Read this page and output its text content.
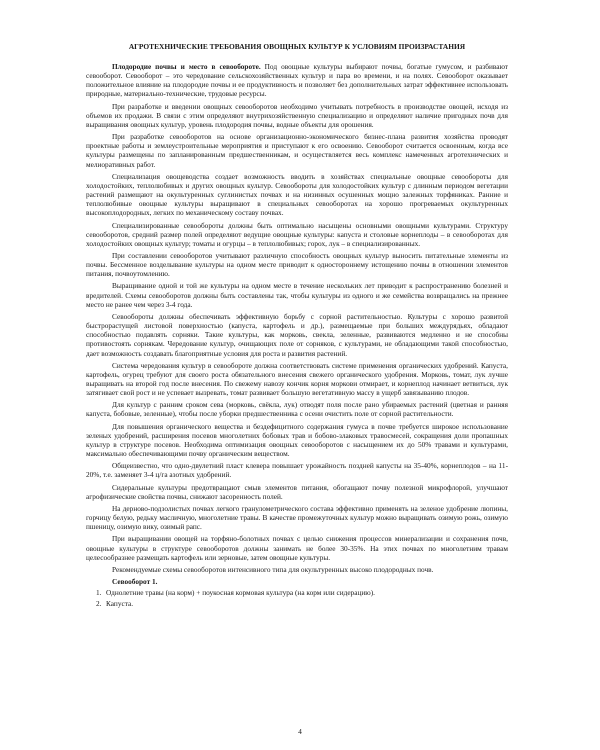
АГРОТЕХНИЧЕСКИЕ ТРЕБОВАНИЯ ОВОЩНЫХ КУЛЬТУР К УСЛОВИЯМ ПРОИЗРАСТАНИЯ

Плодородие почвы и место в севообороте. Под овощные культуры выбирают почвы, богатые гумусом, и разбивают севооборот. Севооборот – это чередование сельскохозяйственных культур и пара во времени, и на полях. Севооборот оказывает положительное влияние на плодородие почвы и ее продуктивность и позволяет без дополнительных затрат эффективнее использовать природные, материально-технические, трудовые ресурсы.

При разработке и введении овощных севооборотов необходимо учитывать потребность в производстве овощей, исходя из объемов их продажи. В связи с этим определяют внутрихозяйственную специализацию и определяют наличие пригодных почв для выращивания овощных культур, уровень плодородия почвы, водные объекты для орошения.

При разработке севооборотов на основе организационно-экономического бизнес-плана развития хозяйства проводят проектные работы и землеустроительные мероприятия и приступают к его освоению. Севооборот считается освоенным, когда все культуры размещены по запланированным предшественникам, и осуществляется весь комплекс намеченных агротехнических и мелиоративных работ.

Специализация овощеводства создает возможность вводить в хозяйствах специальные овощные севообороты для холодостойких, теплолюбивых и других овощных культур. Севообороты для холодостойких культур с длинным периодом вегетации растений размещают на окультуренных суглинистых почвах и на низинных осушенных мощно залежных торфяниках. Ранние и теплолюбивые овощные культуры выращивают в специальных севооборотах на хорошо прогреваемых окультуренных высокоплодородных, легких по механическому составу почвах.

Специализированные севообороты должны быть оптимально насыщены основными овощными культурами. Структуру севооборотов, средний размер полей определяют ведущие овощные культуры: капуста и столовые корнеплоды – в севооборотах для холодостойких овощных культур; томаты и огурцы – в теплолюбивых; горох, лук – в специализированных.

При составлении севооборотов учитывают различную способность овощных культур выносить питательные элементы из почвы. Бессменное возделывание культуры на одном месте приводит к одностороннему истощению почвы в отношении элементов питания, почвоутомлению.

Выращивание одной и той же культуры на одном месте в течение нескольких лет приводит к распространению болезней и вредителей. Схемы севооборотов должны быть составлены так, чтобы культуры из одного и же семейства возвращались на прежнее место не ранее чем через 3-4 года.

Севообороты должны обеспечивать эффективную борьбу с сорной растительностью. Культуры с хорошо развитой быстрорастущей листовой поверхностью (капуста, картофель и др.), размещаемые при больших междурядьях, обладают способностью подавлять сорняки. Такие культуры, как морковь, свекла, зеленные, развиваются медленно и не способны противостоять сорнякам. Чередование культур, очищающих поле от сорняков, с культурами, не обладающими такой способностью, дает возможность создавать благоприятные условия для роста и развития растений.

Система чередования культур в севообороте должна соответствовать системе применения органических удобрений. Капуста, картофель, огурец требуют для своего роста обязательного внесения свежего органического удобрения. Морковь, томат, лук лучше выращивать на второй год после внесения. По свежему навозу кончик корня моркови отмирает, и корнеплод начинает ветвиться, лук затягивает свой рост и не успевает вызревать, томат развивает большую вегетативную массу в ущерб завязыванию плодов.

Для культур с ранним сроком сева (морковь, свёкла, лук) отводят поля после рано убираемых растений (цветная и ранняя капуста, бобовые, зеленные), чтобы после уборки предшественника с осени очистить поле от сорной растительности.

Для повышения органического вещества и бездефицитного содержания гумуса в почве требуется широкое использование зеленых удобрений, расширения посевов многолетних бобовых трав и бобово-злаковых травосмесей, сокращения доли пропашных культур в структуре посевов. Необходима оптимизация овощных севооборотов с насыщением их до 50% травами и культурами, максимально обеспечивающими почву органическим веществом.

Общеизвестно, что одно-двулетний пласт клевера повышает урожайность поздней капусты на 35-40%, корнеплодов – на 11-20%, т.е. заменяет 3-4 ц/га азотных удобрений.

Сидеральные культуры предотвращают смыв элементов питания, обогащают почву полезной микрофлорой, улучшают агрофизические свойства почвы, снижают засоренность полей.

На дерново-подзолистых почвах легкого гранулометрического состава эффективно применять на зеленое удобрение люпины, горчицу белую, редьку масличную, многолетние травы. В качестве промежуточных культур можно выращивать озимую рожь, озимую пшеницу, озимую вику, озимый рапс.

При выращивании овощей на торфяно-болотных почвах с целью снижения процессов минерализации и сохранения почв, овощные культуры в структуре севооборотов должны занимать не более 30-35%. На этих почвах по многолетним травам целесообразнее размещать картофель или зерновые, затем овощные культуры.

Рекомендуемые схемы севооборотов интенсивного типа для окультуренных высоко плодородных почв.

Севооборот 1.
1. Однолетние травы (на корм) + поукосная кормовая культура (на корм или сидерацию).
2. Капуста.
4
